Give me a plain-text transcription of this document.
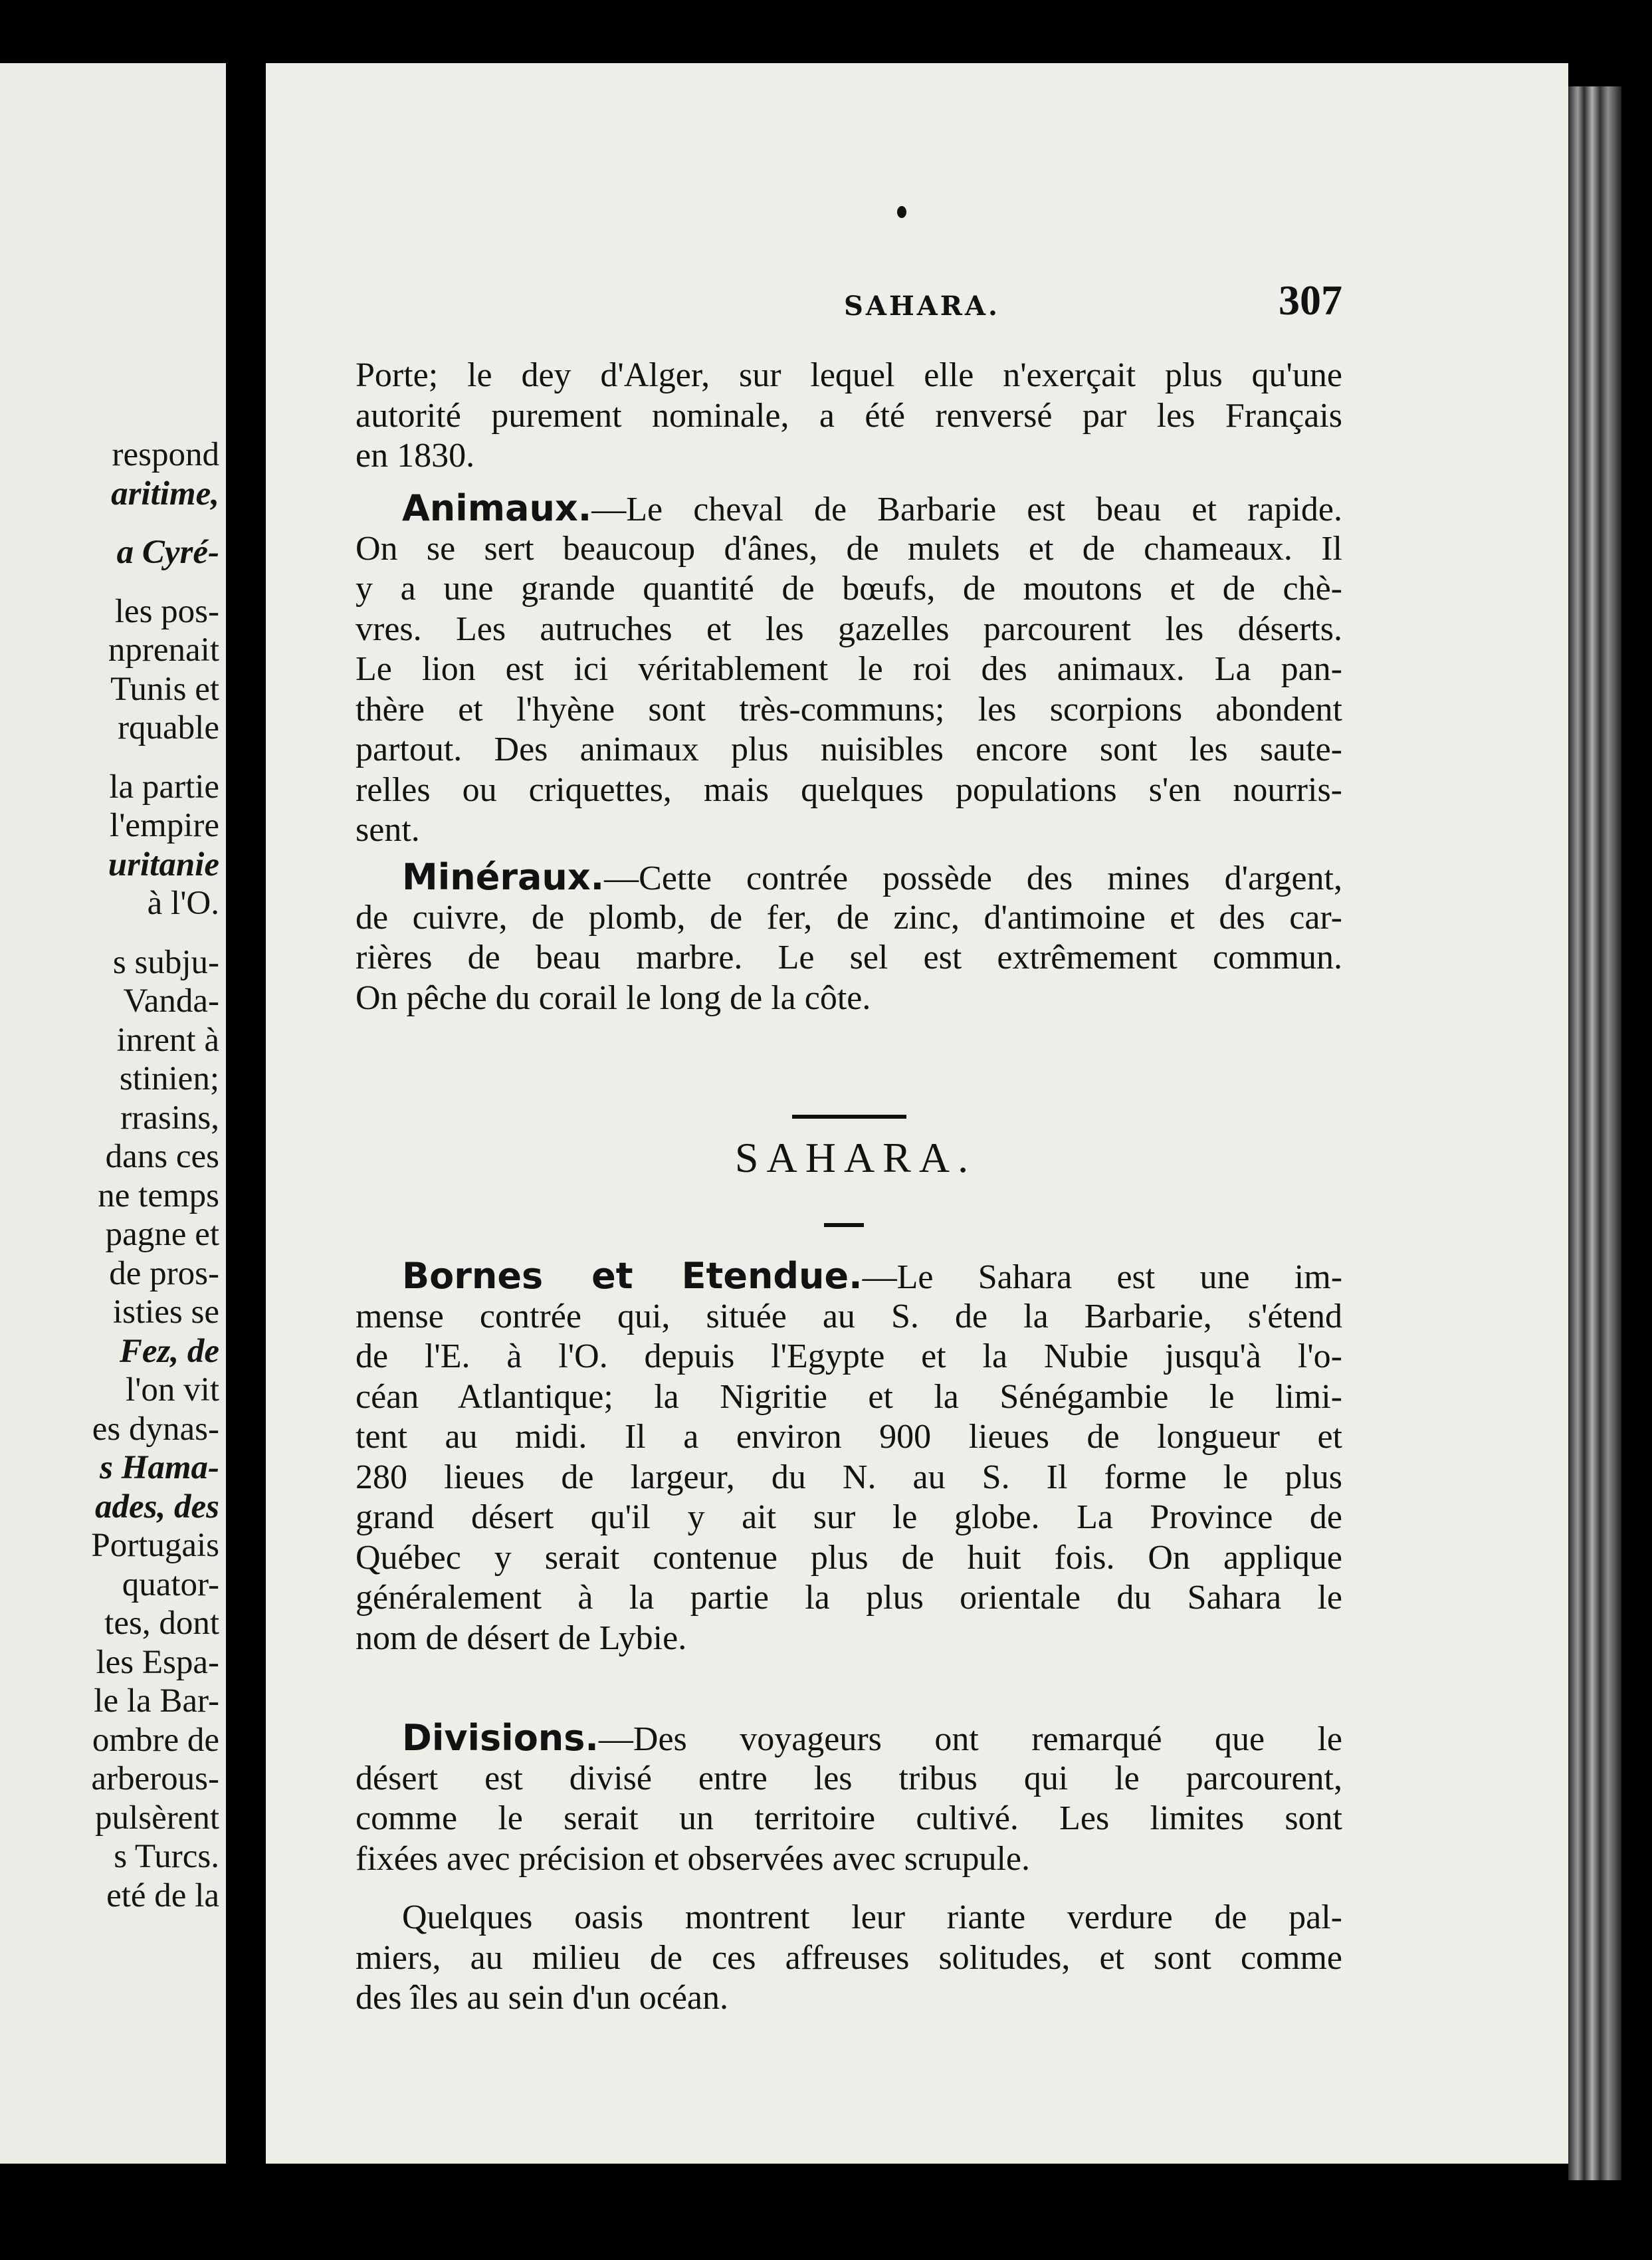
respond
aritime,
a Cyré-
les pos-
nprenait
Tunis et
rquable
la partie
l'empire
uritanie
à l'O.
s subju-
Vanda-
inrent à
stinien;
rrasins,
dans ces
ne temps
pagne et
de pros-
isties se
Fez, de
l'on vit
es dynas-
s Hama-
ades, des
Portugais
quator-
tes, dont
les Espa-
le la Bar-
ombre de
arberous-
pulsèrent
s Turcs.
eté de la
SAHARA.	307
Porte; le dey d'Alger, sur lequel elle n'exerçait plus qu'une
autorité purement nominale, a été renversé par les Français
en 1830.
Animaux.—Le cheval de Barbarie est beau et rapide.
On se sert beaucoup d'ânes, de mulets et de chameaux. Il
y a une grande quantité de bœufs, de moutons et de chè-
vres. Les autruches et les gazelles parcourent les déserts.
Le lion est ici véritablement le roi des animaux. La pan-
thère et l'hyène sont très-communs; les scorpions abondent
partout. Des animaux plus nuisibles encore sont les saute-
relles ou criquettes, mais quelques populations s'en nourris-
sent.
Minéraux.—Cette contrée possède des mines d'argent,
de cuivre, de plomb, de fer, de zinc, d'antimoine et des car-
rières de beau marbre. Le sel est extrêmement commun.
On pêche du corail le long de la côte.
SAHARA.
Bornes et Etendue.—Le Sahara est une im-
mense contrée qui, située au S. de la Barbarie, s'étend
de l'E. à l'O. depuis l'Egypte et la Nubie jusqu'à l'o-
céan Atlantique; la Nigritie et la Sénégambie le limi-
tent au midi. Il a environ 900 lieues de longueur et
280 lieues de largeur, du N. au S. Il forme le plus
grand désert qu'il y ait sur le globe. La Province de
Québec y serait contenue plus de huit fois. On applique
généralement à la partie la plus orientale du Sahara le
nom de désert de Lybie.
Divisions.—Des voyageurs ont remarqué que le
désert est divisé entre les tribus qui le parcourent,
comme le serait un territoire cultivé. Les limites sont
fixées avec précision et observées avec scrupule.
Quelques oasis montrent leur riante verdure de pal-
miers, au milieu de ces affreuses solitudes, et sont comme
des îles au sein d'un océan.
